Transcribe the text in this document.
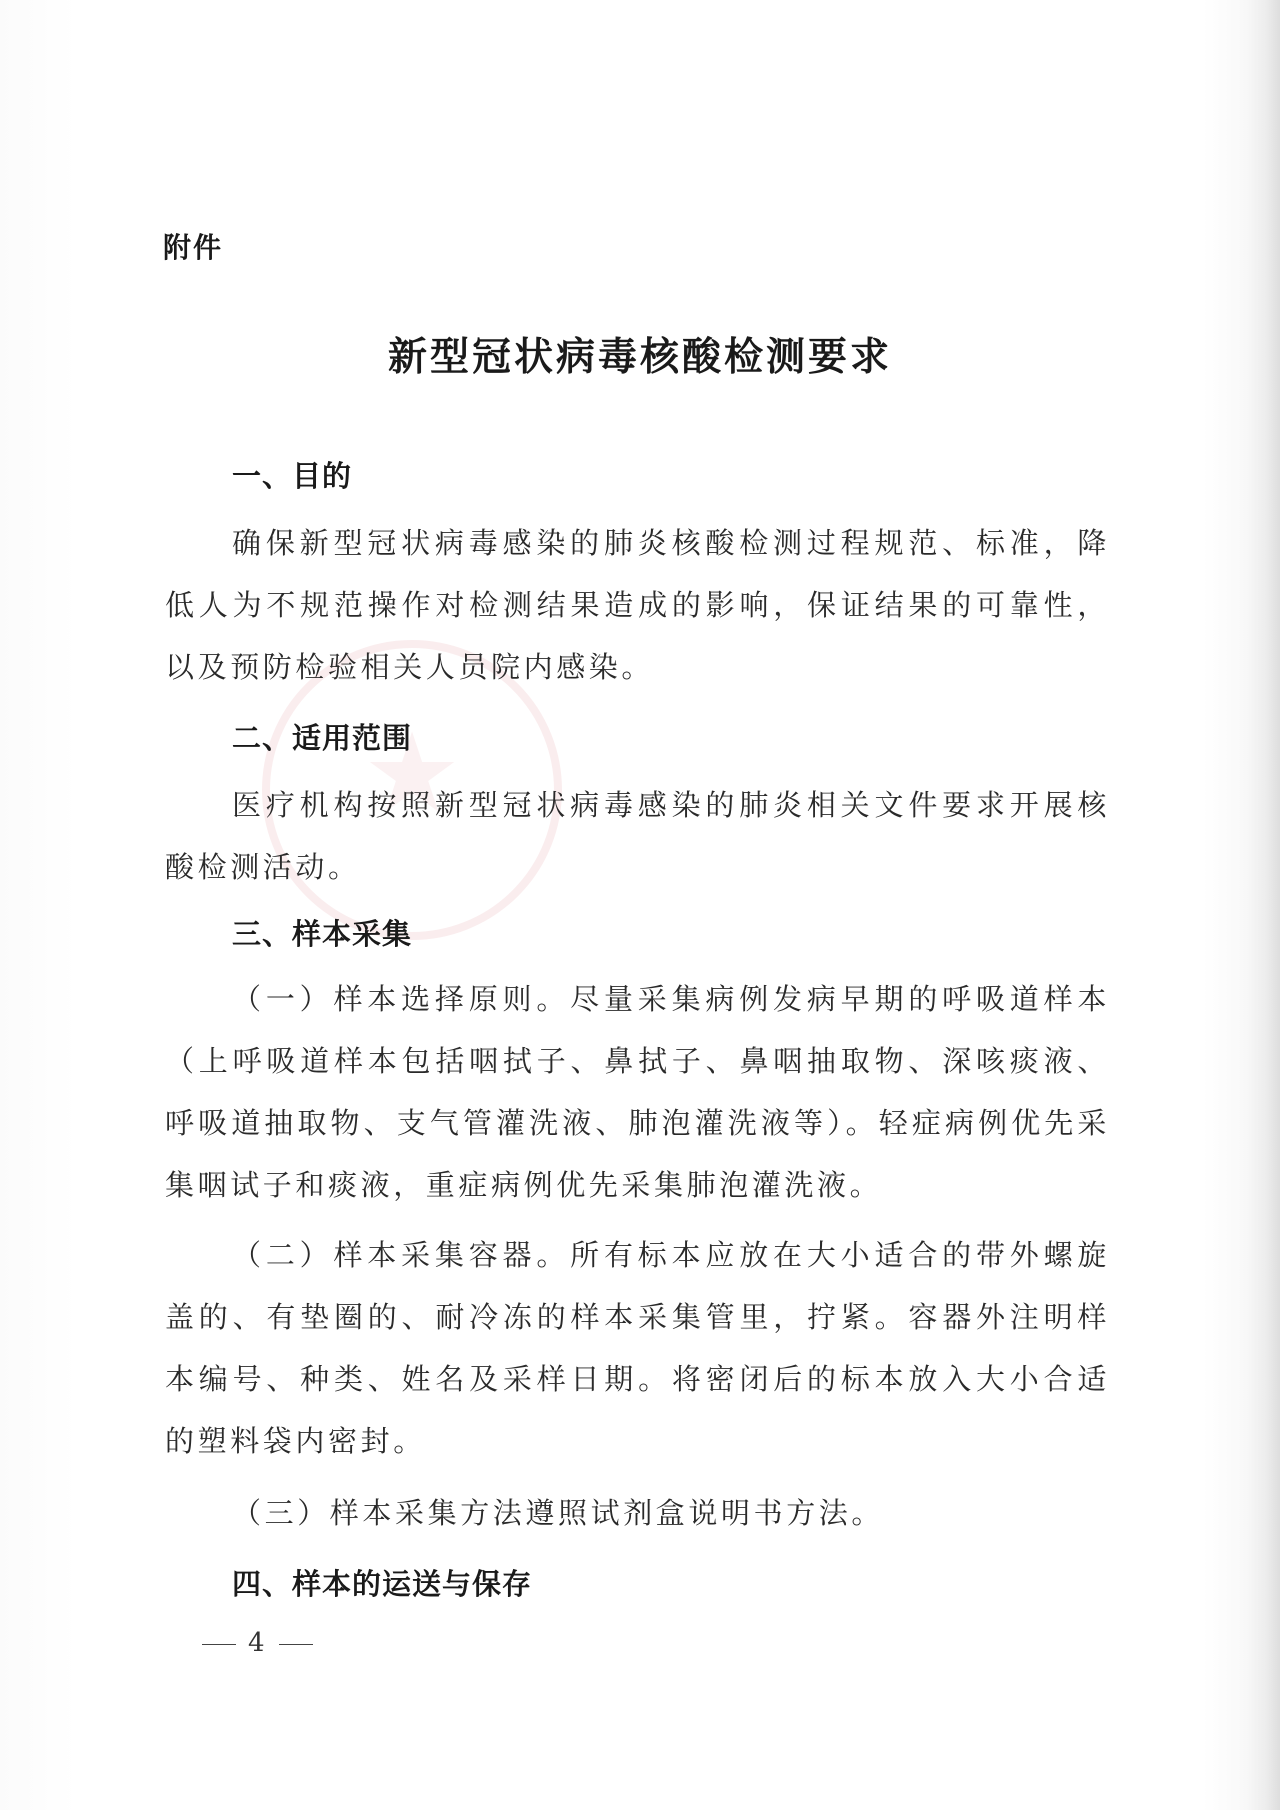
★
附件
新型冠状病毒核酸检测要求
一、目的

确保新型冠状病毒感染的肺炎核酸检测过程规范、标准，降低人为不规范操作对检测结果造成的影响，保证结果的可靠性，以及预防检验相关人员院内感染。

二、适用范围

医疗机构按照新型冠状病毒感染的肺炎相关文件要求开展核酸检测活动。

三、样本采集

（一）样本选择原则。尽量采集病例发病早期的呼吸道样本（上呼吸道样本包括咽拭子、鼻拭子、鼻咽抽取物、深咳痰液、呼吸道抽取物、支气管灌洗液、肺泡灌洗液等）。轻症病例优先采集咽试子和痰液，重症病例优先采集肺泡灌洗液。

（二）样本采集容器。所有标本应放在大小适合的带外螺旋盖的、有垫圈的、耐冷冻的样本采集管里，拧紧。容器外注明样本编号、种类、姓名及采样日期。将密闭后的标本放入大小合适的塑料袋内密封。

（三）样本采集方法遵照试剂盒说明书方法。

四、样本的运送与保存
4
